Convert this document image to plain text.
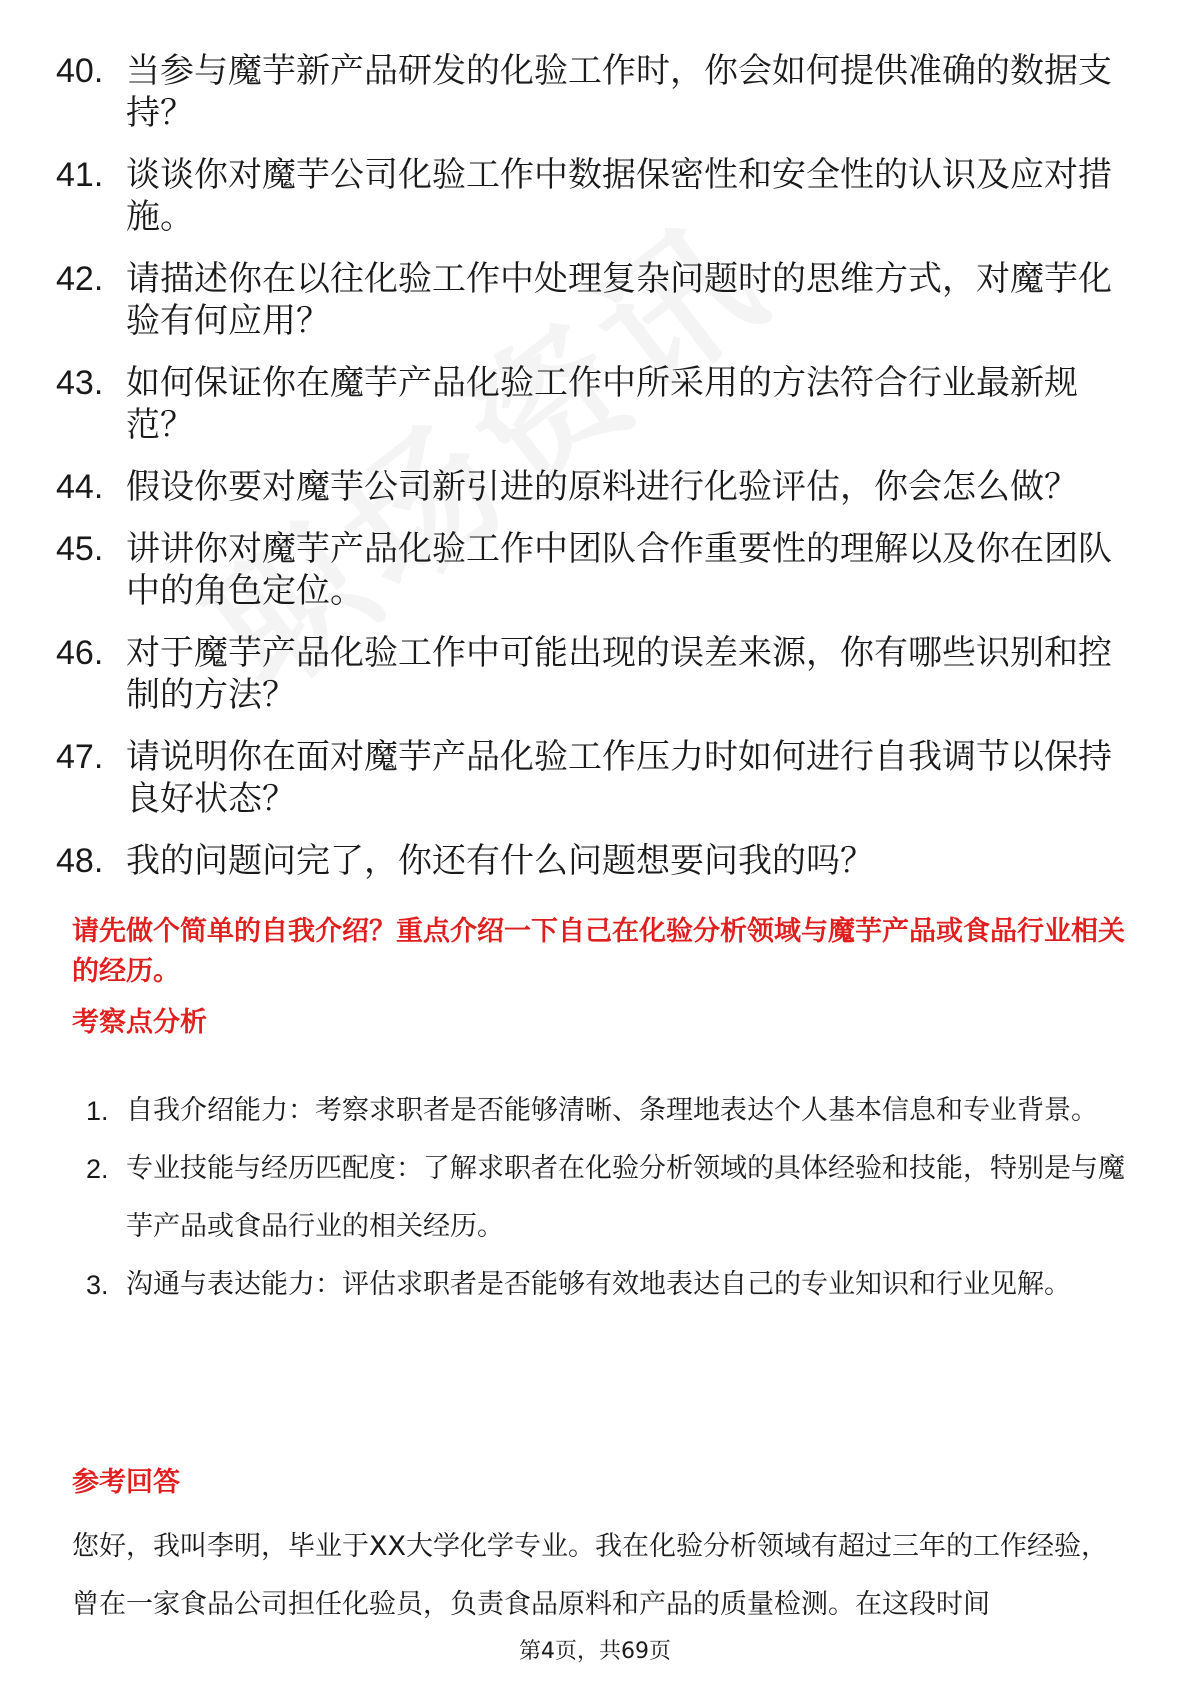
40. 当参与魔芋新产品研发的化验工作时，你会如何提供准确的数据支持？
41. 谈谈你对魔芋公司化验工作中数据保密性和安全性的认识及应对措施。
42. 请描述你在以往化验工作中处理复杂问题时的思维方式，对魔芋化验有何应用？
43. 如何保证你在魔芋产品化验工作中所采用的方法符合行业最新规范？
44. 假设你要对魔芋公司新引进的原料进行化验评估，你会怎么做？
45. 讲讲你对魔芋产品化验工作中团队合作重要性的理解以及你在团队中的角色定位。
46. 对于魔芋产品化验工作中可能出现的误差来源，你有哪些识别和控制的方法？
47. 请说明你在面对魔芋产品化验工作压力时如何进行自我调节以保持良好状态？
48. 我的问题问完了，你还有什么问题想要问我的吗？
请先做个简单的自我介绍？重点介绍一下自己在化验分析领域与魔芋产品或食品行业相关的经历。
考察点分析
1. 自我介绍能力：考察求职者是否能够清晰、条理地表达个人基本信息和专业背景。
2. 专业技能与经历匹配度：了解求职者在化验分析领域的具体经验和技能，特别是与魔芋产品或食品行业的相关经历。
3. 沟通与表达能力：评估求职者是否能够有效地表达自己的专业知识和行业见解。
参考回答
您好，我叫李明，毕业于XX大学化学专业。我在化验分析领域有超过三年的工作经验，曾在一家食品公司担任化验员，负责食品原料和产品的质量检测。在这段时间
第4页，共69页
